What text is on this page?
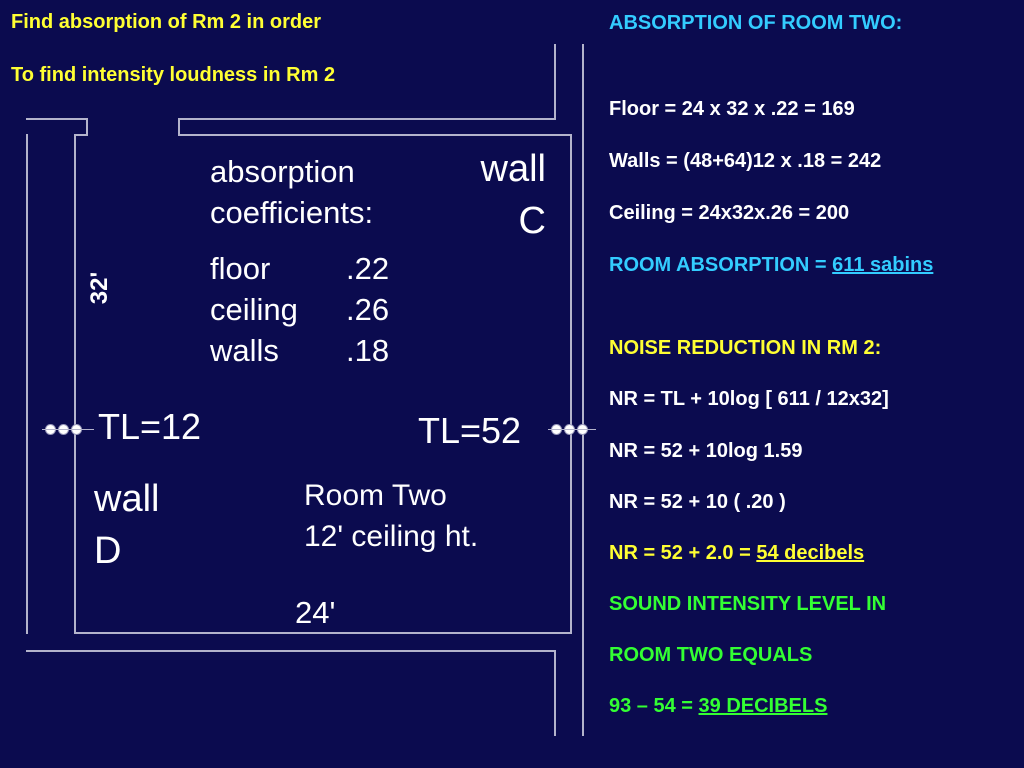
Find absorption of Rm 2 in order
To find intensity loudness in Rm 2
absorption
coefficients:
wall
C
floor .22
ceiling .26
walls .18
32'
TL=12	TL=52
wall
D
Room Two
12' ceiling ht.
24'
ABSORPTION OF ROOM TWO:
Floor = 24 x 32 x .22 = 169
Walls = (48+64)12 x .18 = 242
Ceiling = 24x32x.26 = 200
ROOM ABSORPTION = 611 sabins
NOISE REDUCTION IN RM 2:
NR = TL + 10log [ 611 / 12x32]
NR = 52 + 10log 1.59
NR = 52 + 10 ( .20 )
NR = 52 + 2.0 = 54 decibels
SOUND INTENSITY LEVEL IN
ROOM TWO EQUALS
93 – 54 = 39 DECIBELS
